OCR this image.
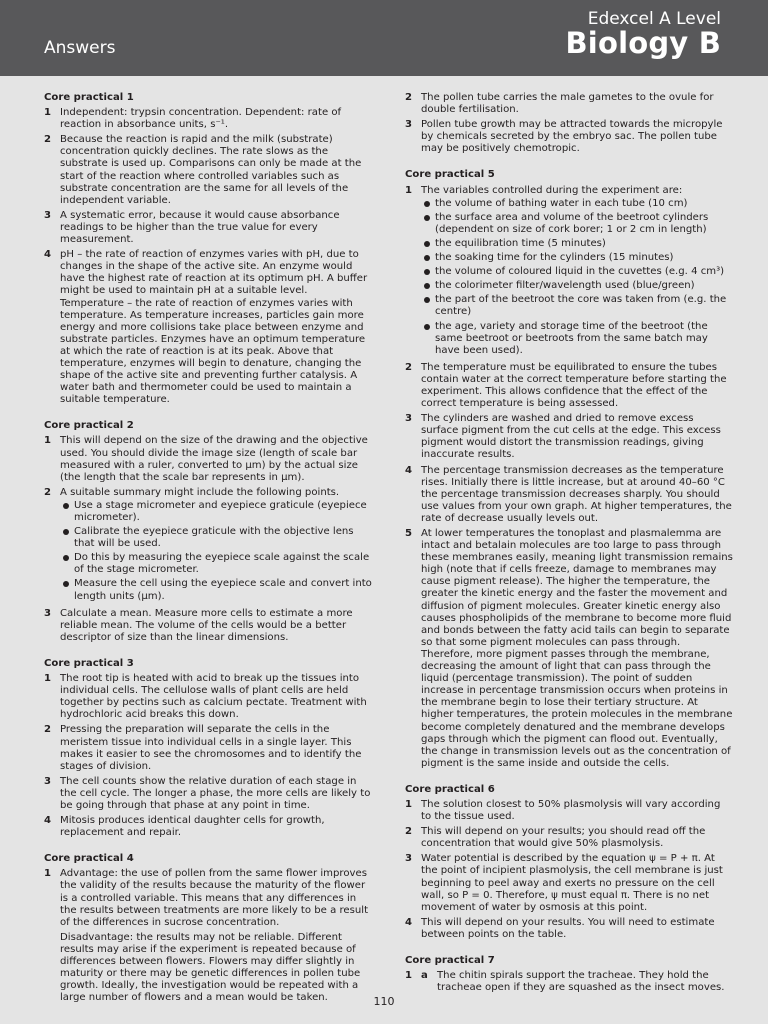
Answers
Edexcel A Level
Biology B
Core practical 1
1 Independent: trypsin concentration. Dependent: rate of reaction in absorbance units, s⁻¹.
2 Because the reaction is rapid and the milk (substrate) concentration quickly declines. The rate slows as the substrate is used up. Comparisons can only be made at the start of the reaction where controlled variables such as substrate concentration are the same for all levels of the independent variable.
3 A systematic error, because it would cause absorbance readings to be higher than the true value for every measurement.
4 pH – the rate of reaction of enzymes varies with pH, due to changes in the shape of the active site. An enzyme would have the highest rate of reaction at its optimum pH. A buffer might be used to maintain pH at a suitable level. Temperature – the rate of reaction of enzymes varies with temperature. As temperature increases, particles gain more energy and more collisions take place between enzyme and substrate particles. Enzymes have an optimum temperature at which the rate of reaction is at its peak. Above that temperature, enzymes will begin to denature, changing the shape of the active site and preventing further catalysis. A water bath and thermometer could be used to maintain a suitable temperature.
Core practical 2
1 This will depend on the size of the drawing and the objective used. You should divide the image size (length of scale bar measured with a ruler, converted to μm) by the actual size (the length that the scale bar represents in μm).
2 A suitable summary might include the following points.
Use a stage micrometer and eyepiece graticule (eyepiece micrometer).
Calibrate the eyepiece graticule with the objective lens that will be used.
Do this by measuring the eyepiece scale against the scale of the stage micrometer.
Measure the cell using the eyepiece scale and convert into length units (μm).
3 Calculate a mean. Measure more cells to estimate a more reliable mean. The volume of the cells would be a better descriptor of size than the linear dimensions.
Core practical 3
1 The root tip is heated with acid to break up the tissues into individual cells. The cellulose walls of plant cells are held together by pectins such as calcium pectate. Treatment with hydrochloric acid breaks this down.
2 Pressing the preparation will separate the cells in the meristem tissue into individual cells in a single layer. This makes it easier to see the chromosomes and to identify the stages of division.
3 The cell counts show the relative duration of each stage in the cell cycle. The longer a phase, the more cells are likely to be going through that phase at any point in time.
4 Mitosis produces identical daughter cells for growth, replacement and repair.
Core practical 4
1 Advantage: the use of pollen from the same flower improves the validity of the results because the maturity of the flower is a controlled variable. This means that any differences in the results between treatments are more likely to be a result of the differences in sucrose concentration.
Disadvantage: the results may not be reliable. Different results may arise if the experiment is repeated because of differences between flowers. Flowers may differ slightly in maturity or there may be genetic differences in pollen tube growth. Ideally, the investigation would be repeated with a large number of flowers and a mean would be taken.
2 The pollen tube carries the male gametes to the ovule for double fertilisation.
3 Pollen tube growth may be attracted towards the micropyle by chemicals secreted by the embryo sac. The pollen tube may be positively chemotropic.
Core practical 5
1 The variables controlled during the experiment are:
the volume of bathing water in each tube (10 cm)
the surface area and volume of the beetroot cylinders (dependent on size of cork borer; 1 or 2 cm in length)
the equilibration time (5 minutes)
the soaking time for the cylinders (15 minutes)
the volume of coloured liquid in the cuvettes (e.g. 4 cm³)
the colorimeter filter/wavelength used (blue/green)
the part of the beetroot the core was taken from (e.g. the centre)
the age, variety and storage time of the beetroot (the same beetroot or beetroots from the same batch may have been used).
2 The temperature must be equilibrated to ensure the tubes contain water at the correct temperature before starting the experiment. This allows confidence that the effect of the correct temperature is being assessed.
3 The cylinders are washed and dried to remove excess surface pigment from the cut cells at the edge. This excess pigment would distort the transmission readings, giving inaccurate results.
4 The percentage transmission decreases as the temperature rises. Initially there is little increase, but at around 40–60 °C the percentage transmission decreases sharply. You should use values from your own graph. At higher temperatures, the rate of decrease usually levels out.
5 At lower temperatures the tonoplast and plasmalemma are intact and betalain molecules are too large to pass through these membranes easily, meaning light transmission remains high (note that if cells freeze, damage to membranes may cause pigment release). The higher the temperature, the greater the kinetic energy and the faster the movement and diffusion of pigment molecules. Greater kinetic energy also causes phospholipids of the membrane to become more fluid and bonds between the fatty acid tails can begin to separate so that some pigment molecules can pass through. Therefore, more pigment passes through the membrane, decreasing the amount of light that can pass through the liquid (percentage transmission). The point of sudden increase in percentage transmission occurs when proteins in the membrane begin to lose their tertiary structure. At higher temperatures, the protein molecules in the membrane become completely denatured and the membrane develops gaps through which the pigment can flood out. Eventually, the change in transmission levels out as the concentration of pigment is the same inside and outside the cells.
Core practical 6
1 The solution closest to 50% plasmolysis will vary according to the tissue used.
2 This will depend on your results; you should read off the concentration that would give 50% plasmolysis.
3 Water potential is described by the equation ψ = P + π. At the point of incipient plasmolysis, the cell membrane is just beginning to peel away and exerts no pressure on the cell wall, so P = 0. Therefore, ψ must equal π. There is no net movement of water by osmosis at this point.
4 This will depend on your results. You will need to estimate between points on the table.
Core practical 7
1 a The chitin spirals support the tracheae. They hold the tracheae open if they are squashed as the insect moves.
110
